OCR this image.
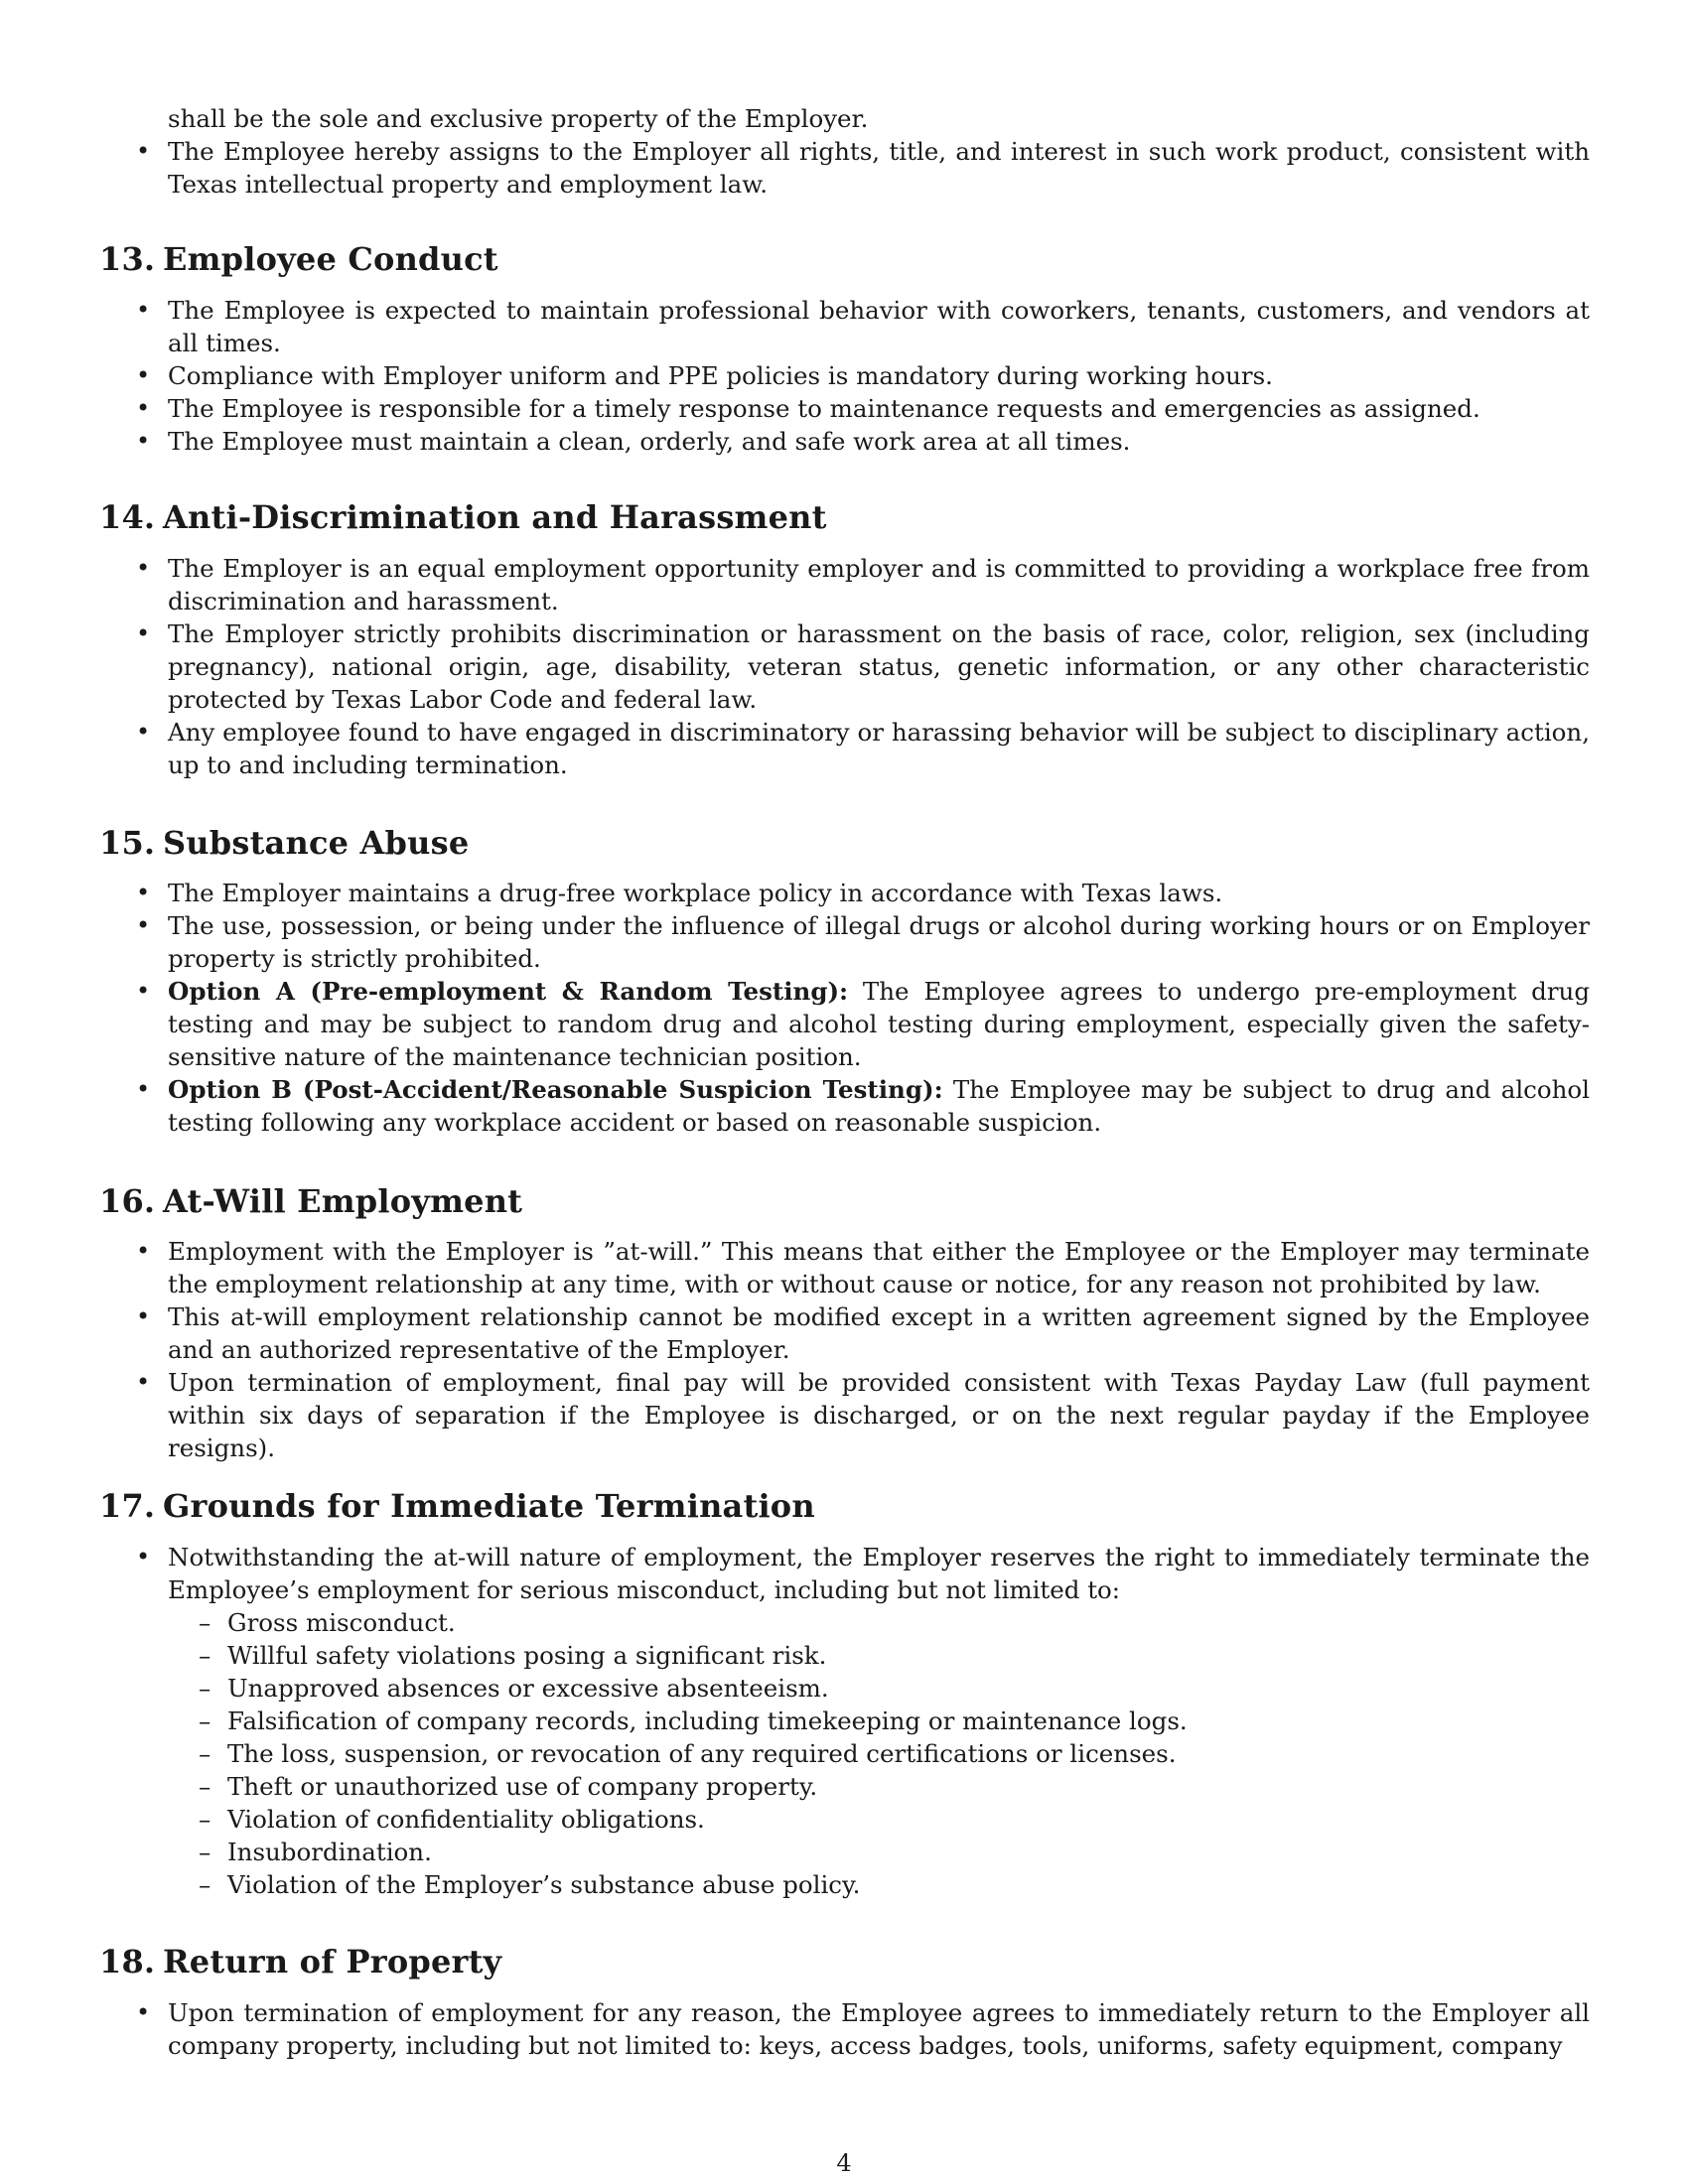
shall be the sole and exclusive property of the Employer.
• The Employee hereby assigns to the Employer all rights, title, and interest in such work product, consistent with Texas intellectual property and employment law.
13. Employee Conduct
• The Employee is expected to maintain professional behavior with coworkers, tenants, customers, and vendors at all times.
• Compliance with Employer uniform and PPE policies is mandatory during working hours.
• The Employee is responsible for a timely response to maintenance requests and emergencies as assigned.
• The Employee must maintain a clean, orderly, and safe work area at all times.
14. Anti-Discrimination and Harassment
• The Employer is an equal employment opportunity employer and is committed to providing a workplace free from discrimination and harassment.
• The Employer strictly prohibits discrimination or harassment on the basis of race, color, religion, sex (including pregnancy), national origin, age, disability, veteran status, genetic information, or any other characteristic protected by Texas Labor Code and federal law.
• Any employee found to have engaged in discriminatory or harassing behavior will be subject to disciplinary action, up to and including termination.
15. Substance Abuse
• The Employer maintains a drug-free workplace policy in accordance with Texas laws.
• The use, possession, or being under the influence of illegal drugs or alcohol during working hours or on Employer property is strictly prohibited.
• Option A (Pre-employment & Random Testing): The Employee agrees to undergo pre-employment drug testing and may be subject to random drug and alcohol testing during employment, especially given the safety-sensitive nature of the maintenance technician position.
• Option B (Post-Accident/Reasonable Suspicion Testing): The Employee may be subject to drug and alcohol testing following any workplace accident or based on reasonable suspicion.
16. At-Will Employment
• Employment with the Employer is ”at-will.” This means that either the Employee or the Employer may terminate the employment relationship at any time, with or without cause or notice, for any reason not prohibited by law.
• This at-will employment relationship cannot be modified except in a written agreement signed by the Employee and an authorized representative of the Employer.
• Upon termination of employment, final pay will be provided consistent with Texas Payday Law (full payment within six days of separation if the Employee is discharged, or on the next regular payday if the Employee resigns).
17. Grounds for Immediate Termination
• Notwithstanding the at-will nature of employment, the Employer reserves the right to immediately terminate the Employee’s employment for serious misconduct, including but not limited to:
– Gross misconduct.
– Willful safety violations posing a significant risk.
– Unapproved absences or excessive absenteeism.
– Falsification of company records, including timekeeping or maintenance logs.
– The loss, suspension, or revocation of any required certifications or licenses.
– Theft or unauthorized use of company property.
– Violation of confidentiality obligations.
– Insubordination.
– Violation of the Employer’s substance abuse policy.
18. Return of Property
• Upon termination of employment for any reason, the Employee agrees to immediately return to the Employer all company property, including but not limited to: keys, access badges, tools, uniforms, safety equipment, company
4
